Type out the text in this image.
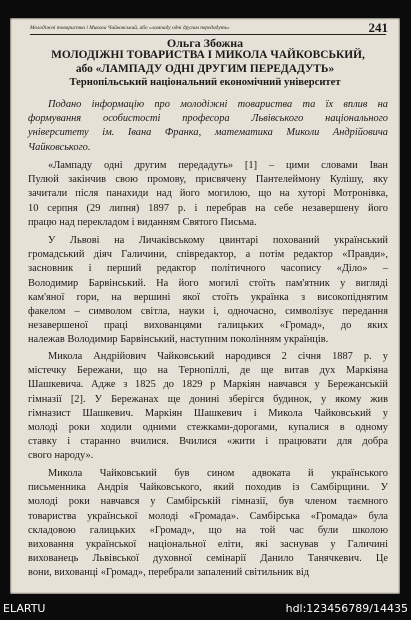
Молодіжні товариства і Микола Чайковський, або «лампаду одні другим передадуть»	241
Ольга Збожна
МОЛОДІЖНІ ТОВАРИСТВА І МИКОЛА ЧАЙКОВСЬКИЙ,
або «ЛАМПАДУ ОДНІ ДРУГИМ ПЕРЕДАДУТЬ»
Тернопільський національний економічний університет
Подано інформацію про молодіжні товариства та їх вплив на
формування особистості професора Львівського національного
університету ім. Івана Франка, математика Миколи Андрійовича
Чайковського.
«Лампаду одні другим передадуть» [1] – цими словами Іван
Пулюй закінчив свою промову, присвячену Пантелеймону Кулішу, яку
зачитали після панахиди над його могилою, що на хуторі Мотронівка,
10 серпня (29 липня) 1897 р. і перебрав на себе незавершену його
працю над перекладом і виданням Святого Письма.
У Львові на Личаківському цвинтарі похований український
громадський діяч Галичини, співредактор, а потім редактор «Правди»,
засновник і перший редактор політичного часопису «Діло» –
Володимир Барвінський. На його могилі стоїть пам'ятник у вигляді
кам'яної гори, на вершині якої стоїть українка з високопіднятим
факелом – символом світла, науки і, одночасно, символізує передання
незавершеної праці вихованцями галицьких «Громад», до яких
належав Володимир Барвінський, наступним поколінням українців.
Микола Андрійович Чайковський народився 2 січня 1887 р. у
містечку Бережани, що на Тернопіллі, де ще витав дух Маркіяна
Шашкевича. Адже з 1825 до 1829 р Маркіян навчався у Бережанській
гімназії [2]. У Бережанах ще донині зберігся будинок, у якому жив
гімназист Шашкевич. Маркіян Шашкевич і Микола Чайковський у
молоді роки ходили одними стежками-дорогами, купалися в одному
ставку і старанно вчилися. Вчилися «жити і працювати для добра
свого народу».
Микола Чайковський був сином адвоката й українського
письменника Андрія Чайковського, який походив із Самбірщини. У
молоді роки навчався у Самбірській гімназії, був членом таємного
товариства української молоді «Громада». Самбірська «Громада» була
складовою галицьких «Громад», що на той час були школою
виховання української національної еліти, які заснував у Галичині
вихованець Львівської духовної семінарії Данило Танячкевич. Це
вони, вихованці «Громад», перебрали запалений світильник від
ELARTU	hdl:123456789/14435
